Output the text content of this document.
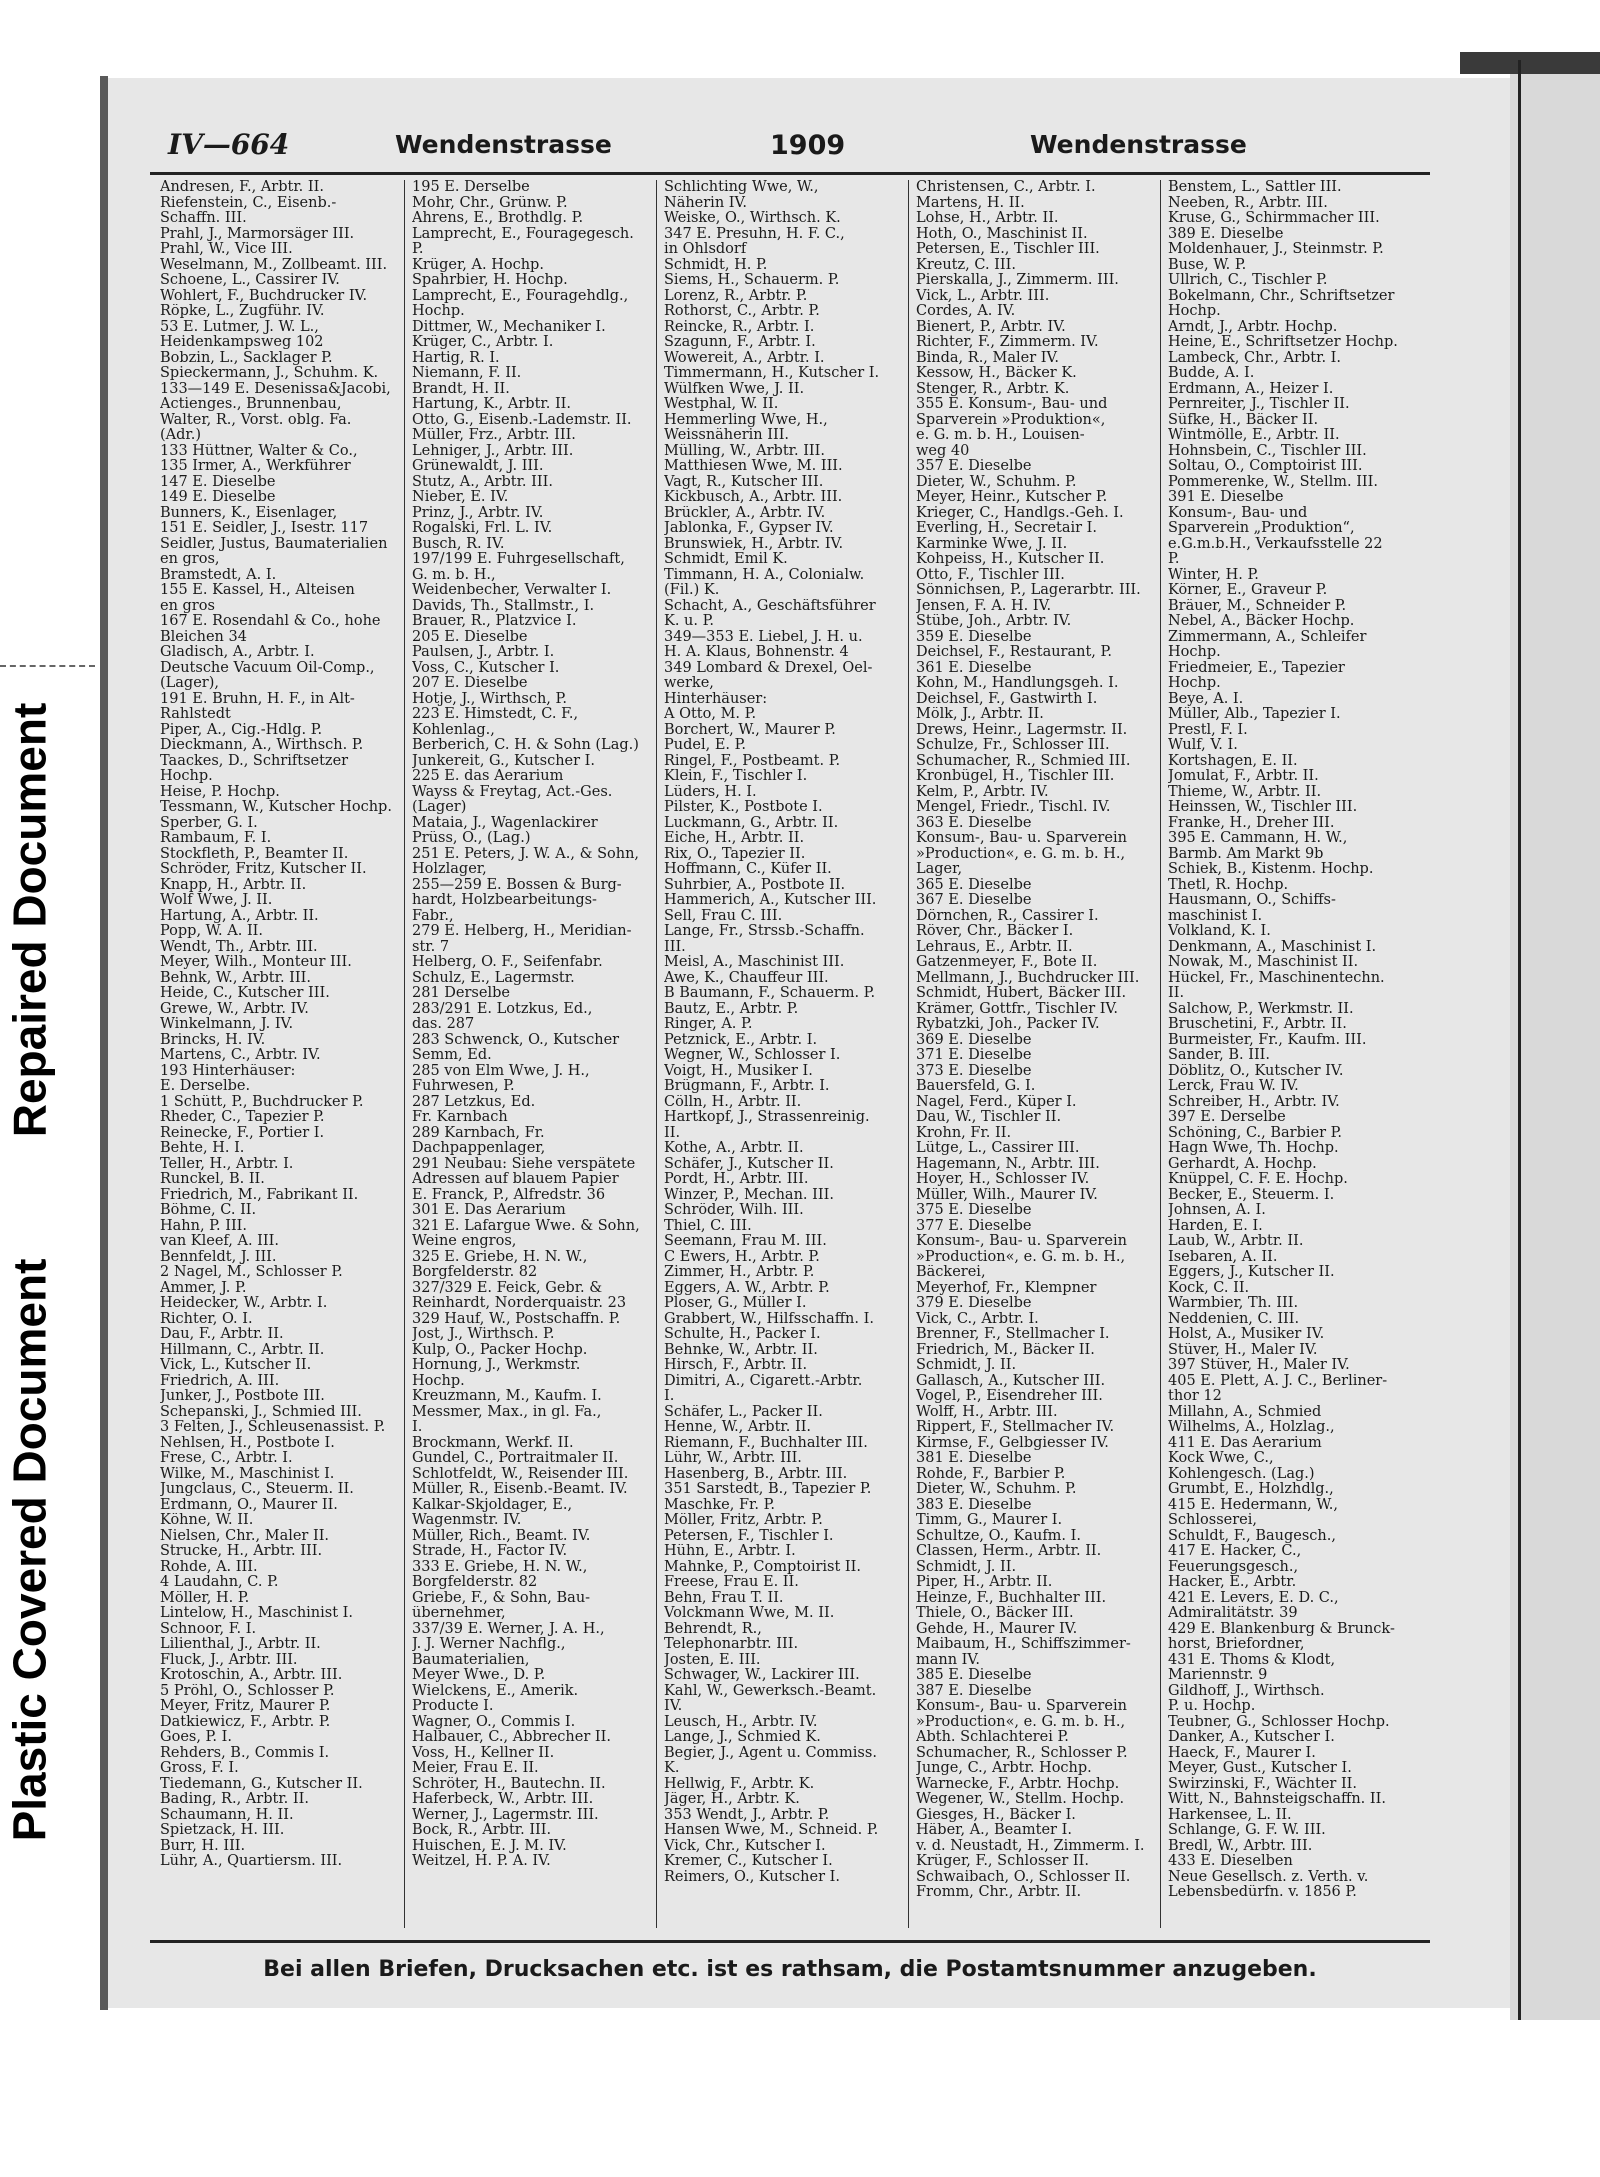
Repaired Document
Plastic Covered Document
IV—664	Wendenstrasse	1909	Wendenstrasse
Andresen, F., Arbtr. II.
Riefenstein, C., Eisenb.-
Schaffn. III.
Prahl, J., Marmorsäger III.
Prahl, W., Vice III.
Weselmann, M., Zollbeamt. III.
Schoene, L., Cassirer IV.
Wohlert, F., Buchdrucker IV.
Röpke, L., Zugführ. IV.
53 E. Lutmer, J. W. L.,
Heidenkampsweg 102
Bobzin, L., Sacklager P.
Spieckermann, J., Schuhm. K.
133—149 E. Desenissa&Jacobi,
Actienges., Brunnenbau,
Walter, R., Vorst. oblg. Fa.
(Adr.)
133 Hüttner, Walter & Co.,
135 Irmer, A., Werkführer
147 E. Dieselbe
149 E. Dieselbe
Bunners, K., Eisenlager,
151 E. Seidler, J., Isestr. 117
Seidler, Justus, Baumaterialien
en gros,
Bramstedt, A. I.
155 E. Kassel, H., Alteisen
en gros
167 E. Rosendahl & Co., hohe
Bleichen 34
Gladisch, A., Arbtr. I.
Deutsche Vacuum Oil-Comp.,
(Lager),
191 E. Bruhn, H. F., in Alt-
Rahlstedt
Piper, A., Cig.-Hdlg. P.
Dieckmann, A., Wirthsch. P.
Taackes, D., Schriftsetzer
Hochp.
Heise, P. Hochp.
Tessmann, W., Kutscher Hochp.
Sperber, G. I.
Rambaum, F. I.
Stockfleth, P., Beamter II.
Schröder, Fritz, Kutscher II.
Knapp, H., Arbtr. II.
Wolf Wwe, J. II.
Hartung, A., Arbtr. II.
Popp, W. A. II.
Wendt, Th., Arbtr. III.
Meyer, Wilh., Monteur III.
Behnk, W., Arbtr. III.
Heide, C., Kutscher III.
Grewe, W., Arbtr. IV.
Winkelmann, J. IV.
Brincks, H. IV.
Martens, C., Arbtr. IV.
193 Hinterhäuser:
E. Derselbe.
1 Schütt, P., Buchdrucker P.
Rheder, C., Tapezier P.
Reinecke, F., Portier I.
Behte, H. I.
Teller, H., Arbtr. I.
Runckel, B. II.
Friedrich, M., Fabrikant II.
Böhme, C. II.
Hahn, P. III.
van Kleef, A. III.
Bennfeldt, J. III.
2 Nagel, M., Schlosser P.
Ammer, J. P.
Heidecker, W., Arbtr. I.
Richter, O. I.
Dau, F., Arbtr. II.
Hillmann, C., Arbtr. II.
Vick, L., Kutscher II.
Friedrich, A. III.
Junker, J., Postbote III.
Schepanski, J., Schmied III.
3 Felten, J., Schleusenassist. P.
Nehlsen, H., Postbote I.
Frese, C., Arbtr. I.
Wilke, M., Maschinist I.
Jungclaus, C., Steuerm. II.
Erdmann, O., Maurer II.
Köhne, W. II.
Nielsen, Chr., Maler II.
Strucke, H., Arbtr. III.
Rohde, A. III.
4 Laudahn, C. P.
Möller, H. P.
Lintelow, H., Maschinist I.
Schnoor, F. I.
Lilienthal, J., Arbtr. II.
Fluck, J., Arbtr. III.
Krotoschin, A., Arbtr. III.
5 Pröhl, O., Schlosser P.
Meyer, Fritz, Maurer P.
Datkiewicz, F., Arbtr. P.
Goes, P. I.
Rehders, B., Commis I.
Gross, F. I.
Tiedemann, G., Kutscher II.
Bading, R., Arbtr. II.
Schaumann, H. II.
Spietzack, H. III.
Burr, H. III.
Lühr, A., Quartiersm. III.
195 E. Derselbe
Mohr, Chr., Grünw. P.
Ahrens, E., Brothdlg. P.
Lamprecht, E., Fouragegesch.
P.
Krüger, A. Hochp.
Spahrbier, H. Hochp.
Lamprecht, E., Fouragehdlg.,
Hochp.
Dittmer, W., Mechaniker I.
Krüger, C., Arbtr. I.
Hartig, R. I.
Niemann, F. II.
Brandt, H. II.
Hartung, K., Arbtr. II.
Otto, G., Eisenb.-Lademstr. II.
Müller, Frz., Arbtr. III.
Lehniger, J., Arbtr. III.
Grünewaldt, J. III.
Stutz, A., Arbtr. III.
Nieber, E. IV.
Prinz, J., Arbtr. IV.
Rogalski, Frl. L. IV.
Busch, R. IV.
197/199 E. Fuhrgesellschaft,
G. m. b. H.,
Weidenbecher, Verwalter I.
Davids, Th., Stallmstr., I.
Brauer, R., Platzvice I.
205 E. Dieselbe
Paulsen, J., Arbtr. I.
Voss, C., Kutscher I.
207 E. Dieselbe
Hotje, J., Wirthsch, P.
223 E. Himstedt, C. F.,
Kohlenlag.,
Berberich, C. H. & Sohn (Lag.)
Junkereit, G., Kutscher I.
225 E. das Aerarium
Wayss & Freytag, Act.-Ges.
(Lager)
Mataia, J., Wagenlackirer
Prüss, O., (Lag.)
251 E. Peters, J. W. A., & Sohn,
Holzlager,
255—259 E. Bossen & Burg-
hardt, Holzbearbeitungs-
Fabr.,
279 E. Helberg, H., Meridian-
str. 7
Helberg, O. F., Seifenfabr.
Schulz, E., Lagermstr.
281 Derselbe
283/291 E. Lotzkus, Ed.,
das. 287
283 Schwenck, O., Kutscher
Semm, Ed.
285 von Elm Wwe, J. H.,
Fuhrwesen, P.
287 Letzkus, Ed.
Fr. Karnbach
289 Karnbach, Fr.
Dachpappenlager,
291 Neubau: Siehe verspätete
Adressen auf blauem Papier
E. Franck, P., Alfredstr. 36
301 E. Das Aerarium
321 E. Lafargue Wwe. & Sohn,
Weine engros,
325 E. Griebe, H. N. W.,
Borgfelderstr. 82
327/329 E. Feick, Gebr. &
Reinhardt, Norderquaistr. 23
329 Hauf, W., Postschaffn. P.
Jost, J., Wirthsch. P.
Kulp, O., Packer Hochp.
Hornung, J., Werkmstr.
Hochp.
Kreuzmann, M., Kaufm. I.
Messmer, Max., in gl. Fa.,
I.
Brockmann, Werkf. II.
Gundel, C., Portraitmaler II.
Schlotfeldt, W., Reisender III.
Müller, R., Eisenb.-Beamt. IV.
Kalkar-Skjoldager, E.,
Wagenmstr. IV.
Müller, Rich., Beamt. IV.
Strade, H., Factor IV.
333 E. Griebe, H. N. W.,
Borgfelderstr. 82
Griebe, F., & Sohn, Bau-
übernehmer,
337/39 E. Werner, J. A. H.,
J. J. Werner Nachflg.,
Baumaterialien,
Meyer Wwe., D. P.
Wielckens, E., Amerik.
Producte I.
Wagner, O., Commis I.
Halbauer, C., Abbrecher II.
Voss, H., Kellner II.
Meier, Frau E. II.
Schröter, H., Bautechn. II.
Haferbeck, W., Arbtr. III.
Werner, J., Lagermstr. III.
Bock, R., Arbtr. III.
Huischen, E. J. M. IV.
Weitzel, H. P. A. IV.
Schlichting Wwe, W.,
Näherin IV.
Weiske, O., Wirthsch. K.
347 E. Presuhn, H. F. C.,
in Ohlsdorf
Schmidt, H. P.
Siems, H., Schauerm. P.
Lorenz, R., Arbtr. P.
Rothorst, C., Arbtr. P.
Reincke, R., Arbtr. I.
Szagunn, F., Arbtr. I.
Wowereit, A., Arbtr. I.
Timmermann, H., Kutscher I.
Wülfken Wwe, J. II.
Westphal, W. II.
Hemmerling Wwe, H.,
Weissnäherin III.
Mülling, W., Arbtr. III.
Matthiesen Wwe, M. III.
Vagt, R., Kutscher III.
Kickbusch, A., Arbtr. III.
Brückler, A., Arbtr. IV.
Jablonka, F., Gypser IV.
Brunswiek, H., Arbtr. IV.
Schmidt, Emil K.
Timmann, H. A., Colonialw.
(Fil.) K.
Schacht, A., Geschäftsführer
K. u. P.
349—353 E. Liebel, J. H. u.
H. A. Klaus, Bohnenstr. 4
349 Lombard & Drexel, Oel-
werke,
Hinterhäuser:
A Otto, M. P.
Borchert, W., Maurer P.
Pudel, E. P.
Ringel, F., Postbeamt. P.
Klein, F., Tischler I.
Lüders, H. I.
Pilster, K., Postbote I.
Luckmann, G., Arbtr. II.
Eiche, H., Arbtr. II.
Rix, O., Tapezier II.
Hoffmann, C., Küfer II.
Suhrbier, A., Postbote II.
Hammerich, A., Kutscher III.
Sell, Frau C. III.
Lange, Fr., Strssb.-Schaffn.
III.
Meisl, A., Maschinist III.
Awe, K., Chauffeur III.
B Baumann, F., Schauerm. P.
Bautz, E., Arbtr. P.
Ringer, A. P.
Petznick, E., Arbtr. I.
Wegner, W., Schlosser I.
Voigt, H., Musiker I.
Brügmann, F., Arbtr. I.
Cölln, H., Arbtr. II.
Hartkopf, J., Strassenreinig.
II.
Kothe, A., Arbtr. II.
Schäfer, J., Kutscher II.
Pordt, H., Arbtr. III.
Winzer, P., Mechan. III.
Schröder, Wilh. III.
Thiel, C. III.
Seemann, Frau M. III.
C Ewers, H., Arbtr. P.
Zimmer, H., Arbtr. P.
Eggers, A. W., Arbtr. P.
Ploser, G., Müller I.
Grabbert, W., Hilfsschaffn. I.
Schulte, H., Packer I.
Behnke, W., Arbtr. II.
Hirsch, F., Arbtr. II.
Dimitri, A., Cigarett.-Arbtr.
I.
Schäfer, L., Packer II.
Henne, W., Arbtr. II.
Riemann, F., Buchhalter III.
Lühr, W., Arbtr. III.
Hasenberg, B., Arbtr. III.
351 Sarstedt, B., Tapezier P.
Maschke, Fr. P.
Möller, Fritz, Arbtr. P.
Petersen, F., Tischler I.
Hühn, E., Arbtr. I.
Mahnke, P., Comptoirist II.
Freese, Frau E. II.
Behn, Frau T. II.
Volckmann Wwe, M. II.
Behrendt, R.,
Telephonarbtr. III.
Josten, E. III.
Schwager, W., Lackirer III.
Kahl, W., Gewerksch.-Beamt.
IV.
Leusch, H., Arbtr. IV.
Lange, J., Schmied K.
Begier, J., Agent u. Commiss.
K.
Hellwig, F., Arbtr. K.
Jäger, H., Arbtr. K.
353 Wendt, J., Arbtr. P.
Hansen Wwe, M., Schneid. P.
Vick, Chr., Kutscher I.
Kremer, C., Kutscher I.
Reimers, O., Kutscher I.
Christensen, C., Arbtr. I.
Martens, H. II.
Lohse, H., Arbtr. II.
Hoth, O., Maschinist II.
Petersen, E., Tischler III.
Kreutz, C. III.
Pierskalla, J., Zimmerm. III.
Vick, L., Arbtr. III.
Cordes, A. IV.
Bienert, P., Arbtr. IV.
Richter, F., Zimmerm. IV.
Binda, R., Maler IV.
Kessow, H., Bäcker K.
Stenger, R., Arbtr. K.
355 E. Konsum-, Bau- und
Sparverein »Produktion«,
e. G. m. b. H., Louisen-
weg 40
357 E. Dieselbe
Dieter, W., Schuhm. P.
Meyer, Heinr., Kutscher P.
Krieger, C., Handlgs.-Geh. I.
Everling, H., Secretair I.
Karminke Wwe, J. II.
Kohpeiss, H., Kutscher II.
Otto, F., Tischler III.
Sönnichsen, P., Lagerarbtr. III.
Jensen, F. A. H. IV.
Stübe, Joh., Arbtr. IV.
359 E. Dieselbe
Deichsel, F., Restaurant, P.
361 E. Dieselbe
Kohn, M., Handlungsgeh. I.
Deichsel, F., Gastwirth I.
Mölk, J., Arbtr. II.
Drews, Heinr., Lagermstr. II.
Schulze, Fr., Schlosser III.
Schumacher, R., Schmied III.
Kronbügel, H., Tischler III.
Kelm, P., Arbtr. IV.
Mengel, Friedr., Tischl. IV.
363 E. Dieselbe
Konsum-, Bau- u. Sparverein
»Production«, e. G. m. b. H.,
Lager,
365 E. Dieselbe
367 E. Dieselbe
Dörnchen, R., Cassirer I.
Röver, Chr., Bäcker I.
Lehraus, E., Arbtr. II.
Gatzenmeyer, F., Bote II.
Mellmann, J., Buchdrucker III.
Schmidt, Hubert, Bäcker III.
Krämer, Gottfr., Tischler IV.
Rybatzki, Joh., Packer IV.
369 E. Dieselbe
371 E. Dieselbe
373 E. Dieselbe
Bauersfeld, G. I.
Nagel, Ferd., Küper I.
Dau, W., Tischler II.
Krohn, Fr. II.
Lütge, L., Cassirer III.
Hagemann, N., Arbtr. III.
Hoyer, H., Schlosser IV.
Müller, Wilh., Maurer IV.
375 E. Dieselbe
377 E. Dieselbe
Konsum-, Bau- u. Sparverein
»Production«, e. G. m. b. H.,
Bäckerei,
Meyerhof, Fr., Klempner
379 E. Dieselbe
Vick, C., Arbtr. I.
Brenner, F., Stellmacher I.
Friedrich, M., Bäcker II.
Schmidt, J. II.
Gallasch, A., Kutscher III.
Vogel, P., Eisendreher III.
Wolff, H., Arbtr. III.
Rippert, F., Stellmacher IV.
Kirmse, F., Gelbgiesser IV.
381 E. Dieselbe
Rohde, F., Barbier P.
Dieter, W., Schuhm. P.
383 E. Dieselbe
Timm, G., Maurer I.
Schultze, O., Kaufm. I.
Classen, Herm., Arbtr. II.
Schmidt, J. II.
Piper, H., Arbtr. II.
Heinze, F., Buchhalter III.
Thiele, O., Bäcker III.
Gehde, H., Maurer IV.
Maibaum, H., Schiffszimmer-
mann IV.
385 E. Dieselbe
387 E. Dieselbe
Konsum-, Bau- u. Sparverein
»Production«, e. G. m. b. H.,
Abth. Schlachterei P.
Schumacher, R., Schlosser P.
Junge, C., Arbtr. Hochp.
Warnecke, F., Arbtr. Hochp.
Wegener, W., Stellm. Hochp.
Giesges, H., Bäcker I.
Häber, A., Beamter I.
v. d. Neustadt, H., Zimmerm. I.
Krüger, F., Schlosser II.
Schwaibach, O., Schlosser II.
Fromm, Chr., Arbtr. II.
Benstem, L., Sattler III.
Neeben, R., Arbtr. III.
Kruse, G., Schirmmacher III.
389 E. Dieselbe
Moldenhauer, J., Steinmstr. P.
Buse, W. P.
Ullrich, C., Tischler P.
Bokelmann, Chr., Schriftsetzer
Hochp.
Arndt, J., Arbtr. Hochp.
Heine, E., Schriftsetzer Hochp.
Lambeck, Chr., Arbtr. I.
Budde, A. I.
Erdmann, A., Heizer I.
Pernreiter, J., Tischler II.
Süfke, H., Bäcker II.
Wintmölle, E., Arbtr. II.
Hohnsbein, C., Tischler III.
Soltau, O., Comptoirist III.
Pommerenke, W., Stellm. III.
391 E. Dieselbe
Konsum-, Bau- und
Sparverein „Produktion“,
e.G.m.b.H., Verkaufsstelle 22
P.
Winter, H. P.
Körner, E., Graveur P.
Bräuer, M., Schneider P.
Nebel, A., Bäcker Hochp.
Zimmermann, A., Schleifer
Hochp.
Friedmeier, E., Tapezier
Hochp.
Beye, A. I.
Müller, Alb., Tapezier I.
Prestl, F. I.
Wulf, V. I.
Kortshagen, E. II.
Jomulat, F., Arbtr. II.
Thieme, W., Arbtr. II.
Heinssen, W., Tischler III.
Franke, H., Dreher III.
395 E. Cammann, H. W.,
Barmb. Am Markt 9b
Schiek, B., Kistenm. Hochp.
Thetl, R. Hochp.
Hausmann, O., Schiffs-
maschinist I.
Volkland, K. I.
Denkmann, A., Maschinist I.
Nowak, M., Maschinist II.
Hückel, Fr., Maschinentechn.
II.
Salchow, P., Werkmstr. II.
Bruschetini, F., Arbtr. II.
Burmeister, Fr., Kaufm. III.
Sander, B. III.
Döblitz, O., Kutscher IV.
Lerck, Frau W. IV.
Schreiber, H., Arbtr. IV.
397 E. Derselbe
Schöning, C., Barbier P.
Hagn Wwe, Th. Hochp.
Gerhardt, A. Hochp.
Knüppel, C. F. E. Hochp.
Becker, E., Steuerm. I.
Johnsen, A. I.
Harden, E. I.
Laub, W., Arbtr. II.
Isebaren, A. II.
Eggers, J., Kutscher II.
Kock, C. II.
Warmbier, Th. III.
Neddenien, C. III.
Holst, A., Musiker IV.
Stüver, H., Maler IV.
397 Stüver, H., Maler IV.
405 E. Plett, A. J. C., Berliner-
thor 12
Millahn, A., Schmied
Wilhelms, A., Holzlag.,
411 E. Das Aerarium
Kock Wwe, C.,
Kohlengesch. (Lag.)
Grumbt, E., Holzhdlg.,
415 E. Hedermann, W.,
Schlosserei,
Schuldt, F., Baugesch.,
417 E. Hacker, C.,
Feuerungsgesch.,
Hacker, E., Arbtr.
421 E. Levers, E. D. C.,
Admiralitätstr. 39
429 E. Blankenburg & Brunck-
horst, Briefordner,
431 E. Thoms & Klodt,
Mariennstr. 9
Gildhoff, J., Wirthsch.
P. u. Hochp.
Teubner, G., Schlosser Hochp.
Danker, A., Kutscher I.
Haeck, F., Maurer I.
Meyer, Gust., Kutscher I.
Swirzinski, F., Wächter II.
Witt, N., Bahnsteigschaffn. II.
Harkensee, L. II.
Schlange, G. F. W. III.
Bredl, W., Arbtr. III.
433 E. Dieselben
Neue Gesellsch. z. Verth. v.
Lebensbedürfn. v. 1856 P.
Bei allen Briefen, Drucksachen etc. ist es rathsam, die Postamtsnummer anzugeben.
